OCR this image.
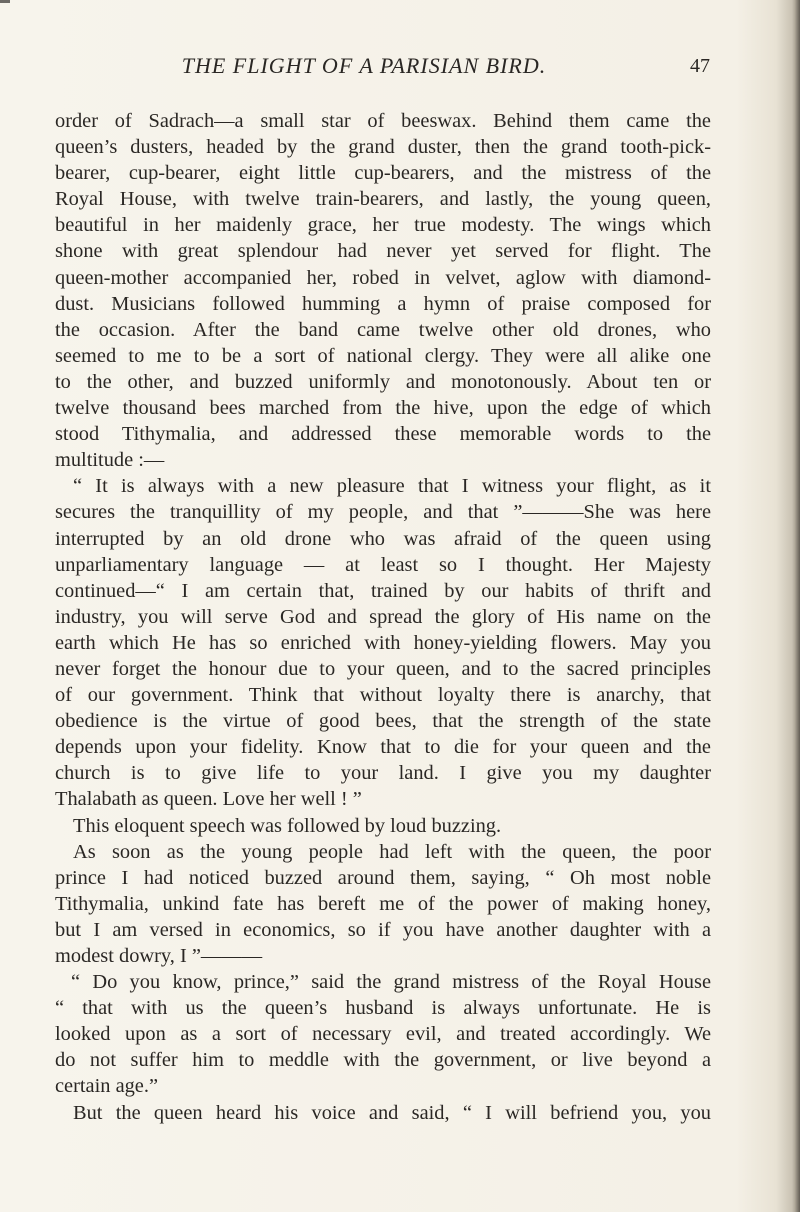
THE FLIGHT OF A PARISIAN BIRD.	47
order of Sadrach—a small star of beeswax. Behind them came the
queen’s dusters, headed by the grand duster, then the grand tooth-pick-
bearer, cup-bearer, eight little cup-bearers, and the mistress of the
Royal House, with twelve train-bearers, and lastly, the young queen,
beautiful in her maidenly grace, her true modesty. The wings which
shone with great splendour had never yet served for flight. The
queen-mother accompanied her, robed in velvet, aglow with diamond-
dust. Musicians followed humming a hymn of praise composed for
the occasion. After the band came twelve other old drones, who
seemed to me to be a sort of national clergy. They were all alike one
to the other, and buzzed uniformly and monotonously. About ten or
twelve thousand bees marched from the hive, upon the edge of which
stood Tithymalia, and addressed these memorable words to the
multitude :—
“ It is always with a new pleasure that I witness your flight, as it
secures the tranquillity of my people, and that ”———She was here
interrupted by an old drone who was afraid of the queen using
unparliamentary language — at least so I thought. Her Majesty
continued—“ I am certain that, trained by our habits of thrift and
industry, you will serve God and spread the glory of His name on the
earth which He has so enriched with honey-yielding flowers. May you
never forget the honour due to your queen, and to the sacred principles
of our government. Think that without loyalty there is anarchy, that
obedience is the virtue of good bees, that the strength of the state
depends upon your fidelity. Know that to die for your queen and the
church is to give life to your land. I give you my daughter
Thalabath as queen. Love her well ! ”
This eloquent speech was followed by loud buzzing.
As soon as the young people had left with the queen, the poor
prince I had noticed buzzed around them, saying, “ Oh most noble
Tithymalia, unkind fate has bereft me of the power of making honey,
but I am versed in economics, so if you have another daughter with a
modest dowry, I ”———
“ Do you know, prince,” said the grand mistress of the Royal House
“ that with us the queen’s husband is always unfortunate. He is
looked upon as a sort of necessary evil, and treated accordingly. We
do not suffer him to meddle with the government, or live beyond a
certain age.”
But the queen heard his voice and said, “ I will befriend you, you
